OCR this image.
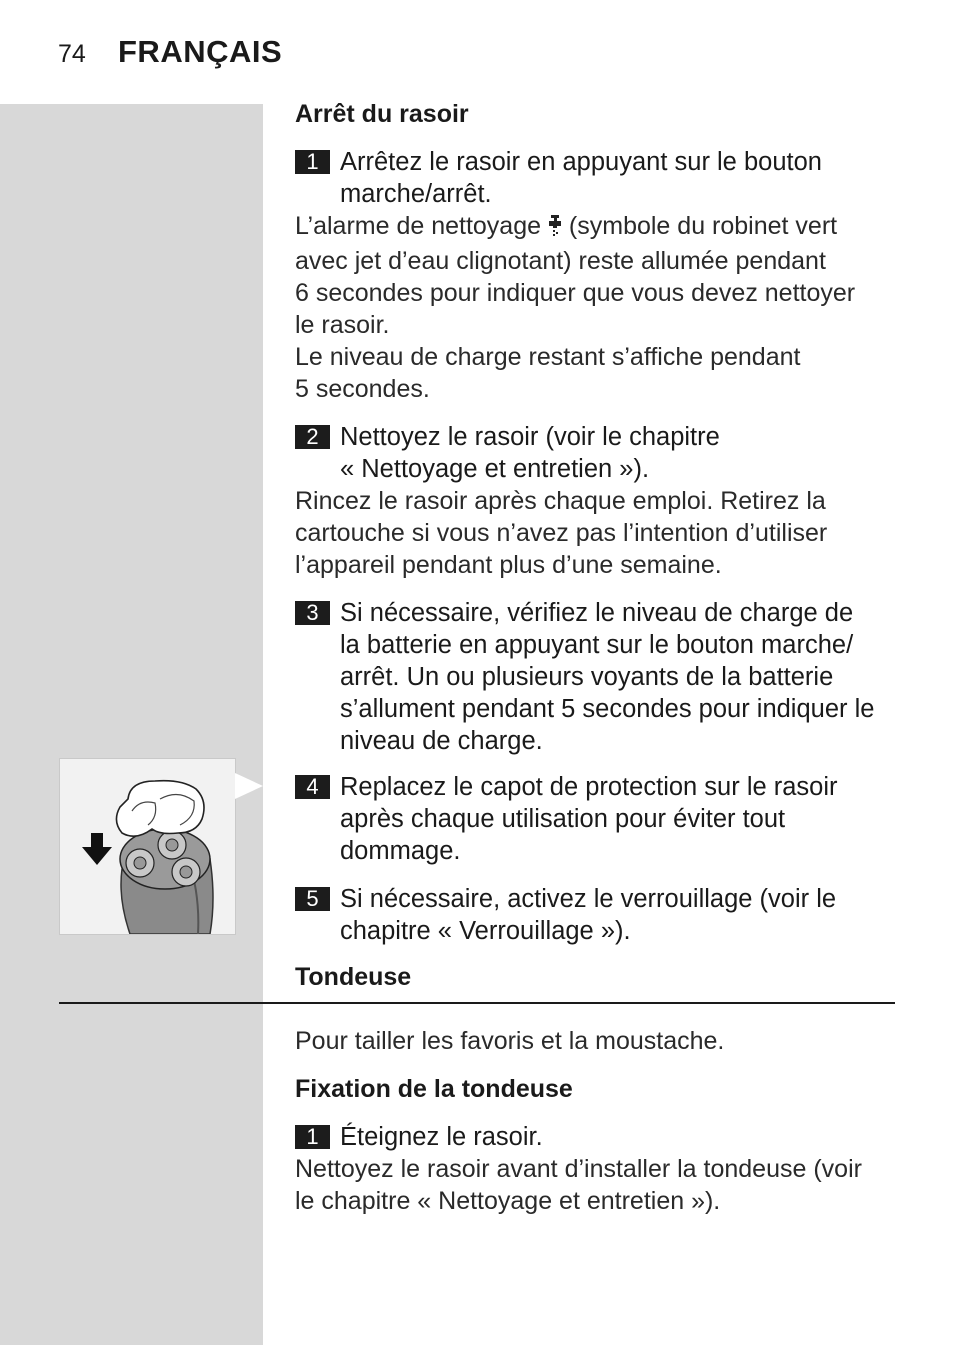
74 FRANÇAIS
Arrêt du rasoir
1 Arrêtez le rasoir en appuyant sur le bouton
marche/arrêt.
L’alarme de nettoyage (symbole du robinet vert
avec jet d’eau clignotant) reste allumée pendant
6 secondes pour indiquer que vous devez nettoyer
le rasoir.
Le niveau de charge restant s’affiche pendant
5 secondes.
2 Nettoyez le rasoir (voir le chapitre
« Nettoyage et entretien »).
Rincez le rasoir après chaque emploi. Retirez la
cartouche si vous n’avez pas l’intention d’utiliser
l’appareil pendant plus d’une semaine.
3 Si nécessaire, vérifiez le niveau de charge de
la batterie en appuyant sur le bouton marche/
arrêt. Un ou plusieurs voyants de la batterie
s’allument pendant 5 secondes pour indiquer le
niveau de charge.
4 Replacez le capot de protection sur le rasoir
après chaque utilisation pour éviter tout
dommage.
5 Si nécessaire, activez le verrouillage (voir le
chapitre « Verrouillage »).
Tondeuse
Pour tailler les favoris et la moustache.
Fixation de la tondeuse
1 Éteignez le rasoir.
Nettoyez le rasoir avant d’installer la tondeuse (voir
le chapitre « Nettoyage et entretien »).
